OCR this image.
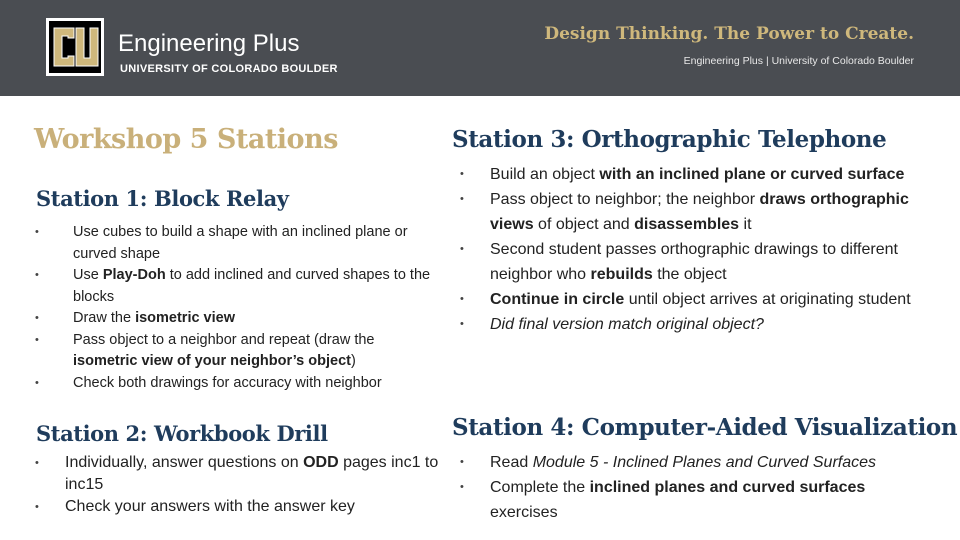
Engineering Plus
UNIVERSITY OF COLORADO BOULDER
Design Thinking. The Power to Create.
Engineering Plus | University of Colorado Boulder
Workshop 5 Stations
Station 1: Block Relay
• Use cubes to build a shape with an inclined plane or curved shape
• Use Play-Doh to add inclined and curved shapes to the blocks
• Draw the isometric view
• Pass object to a neighbor and repeat (draw the isometric view of your neighbor’s object)
• Check both drawings for accuracy with neighbor
Station 2: Workbook Drill
• Individually, answer questions on ODD pages inc1 to inc15
• Check your answers with the answer key
Station 3: Orthographic Telephone
• Build an object with an inclined plane or curved surface
• Pass object to neighbor; the neighbor draws orthographic views of object and disassembles it
• Second student passes orthographic drawings to different neighbor who rebuilds the object
• Continue in circle until object arrives at originating student
• Did final version match original object?
Station 4: Computer-Aided Visualization
• Read Module 5 - Inclined Planes and Curved Surfaces
• Complete the inclined planes and curved surfaces exercises
